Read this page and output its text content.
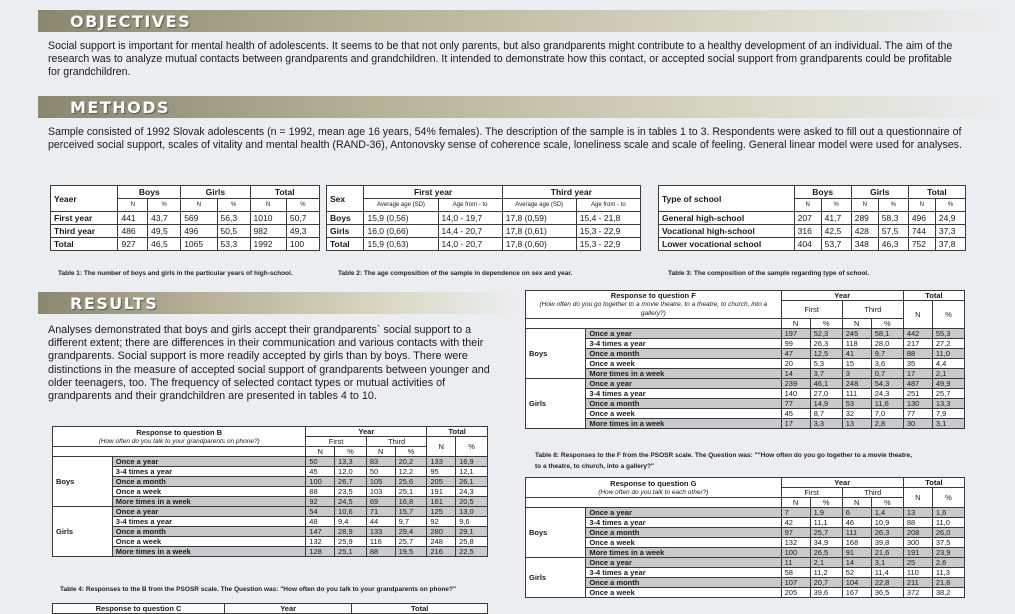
OBJECTIVES
Social support is important for mental health of adolescents. It seems to be that not only parents, but also grandparents might contribute to a healthy development of an individual. The aim of the research was to analyze mutual contacts between grandparents and grandchildren. It intended to demonstrate how this contact, or accepted social support from grandparents could be profitable for grandchildren.
METHODS
Sample consisted of 1992 Slovak adolescents (n = 1992, mean age 16 years, 54% females). The description of the sample is in tables 1 to 3. Respondents were asked to fill out a questionnaire of perceived social support, scales of vitality and mental health (RAND-36), Antonovsky sense of coherence scale, loneliness scale and scale of feeling. General linear model were used for analyses.
Yeaer	Boys		Girls		Total	
	N	%	N	%	N	%
First year	441	43,7	569	56,3	1010	50,7
Third year	486	49,5	496	50,5	982	49,3
Total	927	46,5	1065	53,3	1992	100
Table 1: The number of boys and girls in the particular years of high-school.
Sex	First year		Third year	
	Average age (SD)	Age from - to	Average age (SD)	Age from - to
Boys	15,9 (0,56)	14,0 - 19,7	17,8 (0,59)	15,4 - 21,8
Girls	16,0 (0,66)	14,4 - 20,7	17,8 (0,61)	15,3 - 22,9
Total	15,9 (0,63)	14,0 - 20,7	17,8 (0,60)	15,3 - 22,9
Table 2: The age composition of the sample in dependence on sex and year.
Type of school	Boys		Girls		Total	
	N	%	N	%	N	%
General high-school	207	41,7	289	58,3	496	24,9
Vocational high-school	316	42,5	428	57,5	744	37,3
Lower vocational school	404	53,7	348	46,3	752	37,8
Table 3: The composition of the sample regarding type of school.
RESULTS
Analyses demonstrated that boys and girls accept their grandparents` social support to a different extent; there are differences in their communication and various contacts with their grandparents. Social support is more readily accepted by girls than by boys. There were distinctions in the measure of accepted social support of grandparents between younger and older teenagers, too. The frequency of selected contact types or mutual activities of grandparents and their grandchildren are presented in tables 4 to 10.
Response to question B
(How often do you talk to your grandparents on phone?)		Year				Total	
		First		Third		N	%
		N	%	N	%		
Boys	Once a year	50	13,3	83	20,2	133	16,9
	3-4 times a year	45	12,0	50	12,2	95	12,1
	Once a month	100	26,7	105	25,6	205	26,1
	Once a week	88	23,5	103	25,1	191	24,3
	More times in a week	92	24,5	69	16,8	161	20,5
Girls	Once a year	54	10,6	71	15,7	125	13,0
	3-4 times a year	48	9,4	44	9,7	92	9,6
	Once a month	147	28,9	133	29,4	280	29,1
	Once a week	132	25,9	116	25,7	248	25,8
	More times in a week	128	25,1	88	19,5	216	22,5
Table 4: Responses to the B from the PSOSR scale. The Question was: "How often do you talk to your grandparents on phone?"
Response to question C	Year	Total
Response to question F
(How often do you go together to a movie theatre, to a theatre, to church, into a gallery?)		Year				Total	
		First		Third		N	%
		N	%	N	%		
Boys	Once a year	197	52,3	245	58,1	442	55,3
	3-4 times a year	99	26,3	118	28,0	217	27,2
	Once a month	47	12,5	41	9,7	88	11,0
	Once a week	20	5,3	15	3,6	35	4,4
	More times in a week	14	3,7	3	0,7	17	2,1
Girls	Once a year	239	46,1	248	54,3	487	49,9
	3-4 times a year	140	27,0	111	24,3	251	25,7
	Once a month	77	14,9	53	11,6	130	13,3
	Once a week	45	8,7	32	7,0	77	7,9
	More times in a week	17	3,3	13	2,8	30	3,1
Table 8: Responses to the F from the PSOSR scale. The Question was: ""How often do you go together to a movie theatre,
to a theatre, to church, into a gallery?"
Response to question G
(How often do you talk to each other?)		Year				Total	
		First		Third		N	%
		N	%	N	%		
Boys	Once a year	7	1,9	6	1,4	13	1,6
	3-4 times a year	42	11,1	46	10,9	88	11,0
	Once a month	97	25,7	111	26,3	208	26,0
	Once a week	132	34,9	168	39,8	300	37,5
	More times in a week	100	26,5	91	21,6	191	23,9
Girls	Once a year	11	2,1	14	3,1	25	2,6
	3-4 times a year	58	11,2	52	11,4	110	11,3
	Once a month	107	20,7	104	22,8	211	21,6
	Once a week	205	39,6	167	36,5	372	38,2
